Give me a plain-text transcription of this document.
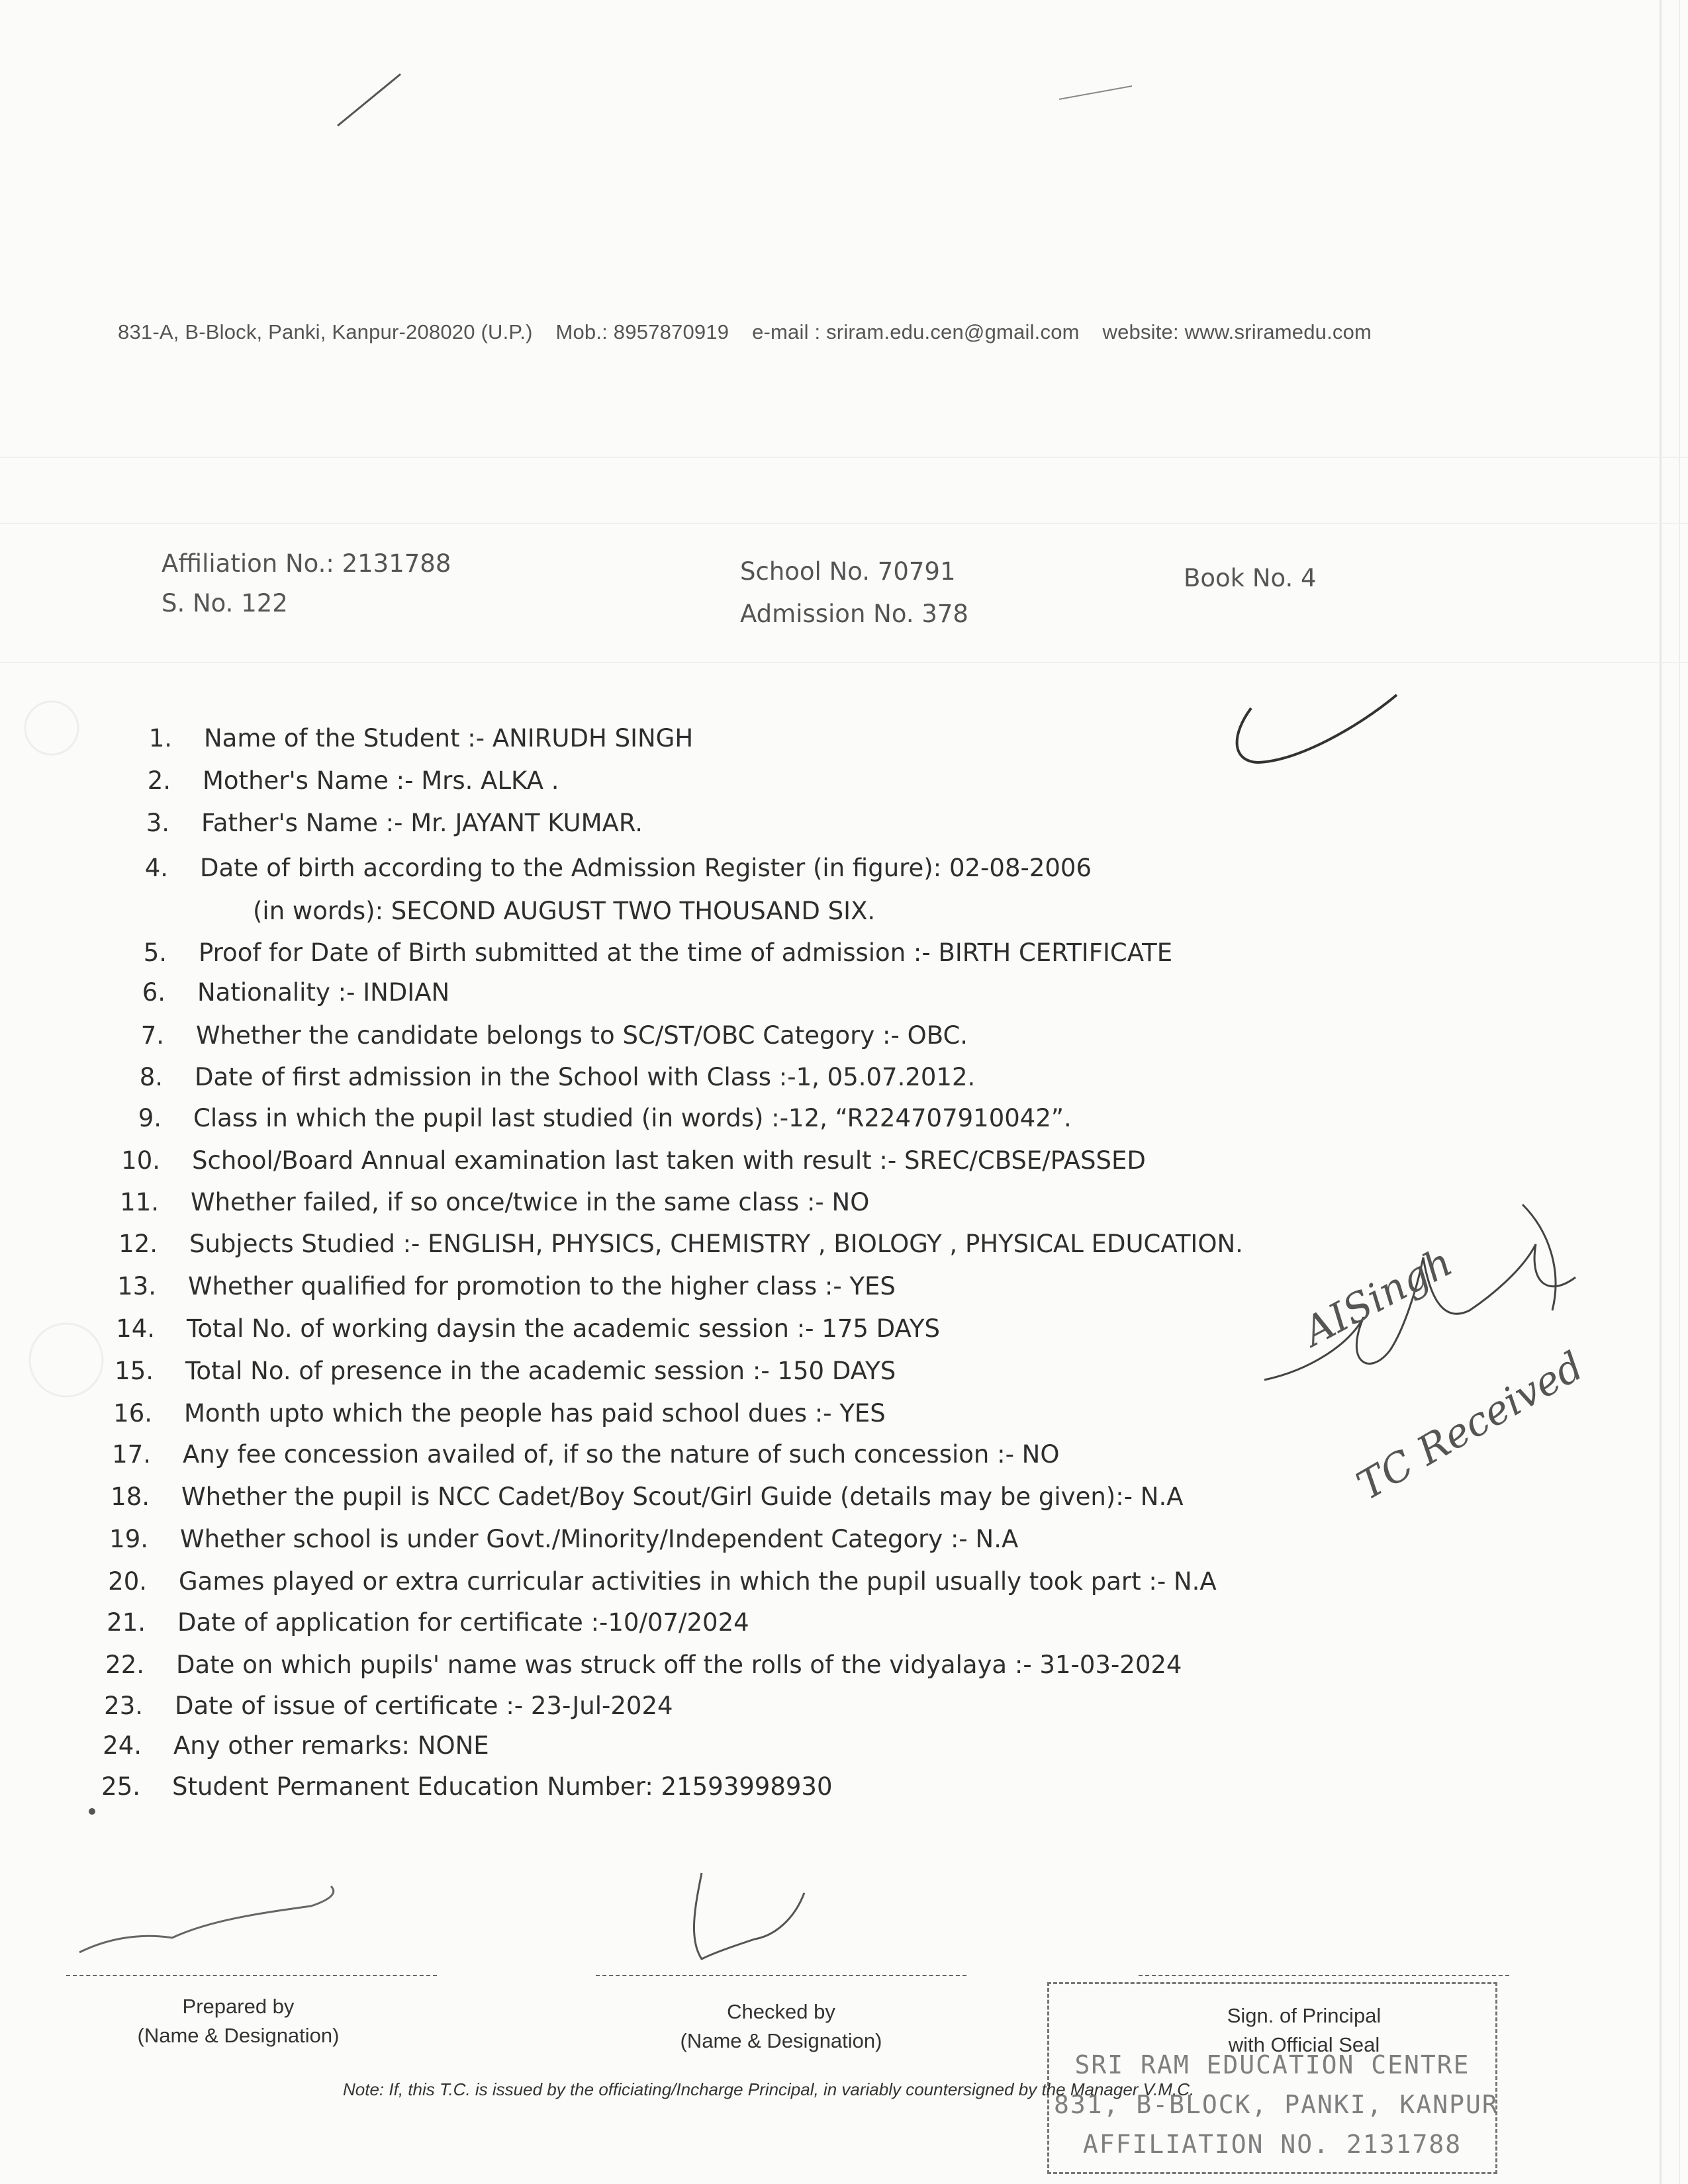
831-A, B-Block, Panki, Kanpur-208020 (U.P.) Mob.: 8957870919 e-mail : sriram.edu.cen@gmail.com website: www.sriramedu.com
Affiliation No.: 2131788
S. No. 122
School No. 70791
Admission No. 378
Book No. 4
1. Name of the Student :- ANIRUDH SINGH
2. Mother's Name :- Mrs. ALKA .
3. Father's Name :- Mr. JAYANT KUMAR.
4. Date of birth according to the Admission Register (in figure): 02-08-2006
(in words): SECOND AUGUST TWO THOUSAND SIX.
5. Proof for Date of Birth submitted at the time of admission :- BIRTH CERTIFICATE
6. Nationality :- INDIAN
7. Whether the candidate belongs to SC/ST/OBC Category :- OBC.
8. Date of first admission in the School with Class :-1, 05.07.2012.
9. Class in which the pupil last studied (in words) :-12, “R224707910042”.
10. School/Board Annual examination last taken with result :- SREC/CBSE/PASSED
11. Whether failed, if so once/twice in the same class :- NO
12. Subjects Studied :- ENGLISH, PHYSICS, CHEMISTRY , BIOLOGY , PHYSICAL EDUCATION.
13. Whether qualified for promotion to the higher class :- YES
14. Total No. of working daysin the academic session :- 175 DAYS
15. Total No. of presence in the academic session :- 150 DAYS
16. Month upto which the people has paid school dues :- YES
17. Any fee concession availed of, if so the nature of such concession :- NO
18. Whether the pupil is NCC Cadet/Boy Scout/Girl Guide (details may be given):- N.A
19. Whether school is under Govt./Minority/Independent Category :- N.A
20. Games played or extra curricular activities in which the pupil usually took part :- N.A
21. Date of application for certificate :-10/07/2024
22. Date on which pupils' name was struck off the rolls of the vidyalaya :- 31-03-2024
23. Date of issue of certificate :- 23-Jul-2024
24. Any other remarks: NONE
25. Student Permanent Education Number: 21593998930
AISingh
TC Received
Prepared by
(Name & Designation)
Checked by
(Name & Designation)
Sign. of Principal
with Official Seal
SRI RAM EDUCATION CENTRE
831, B-BLOCK, PANKI, KANPUR
AFFILIATION NO. 2131788
Note: If, this T.C. is issued by the officiating/Incharge Principal, in variably countersigned by the Manager V.M.C.
